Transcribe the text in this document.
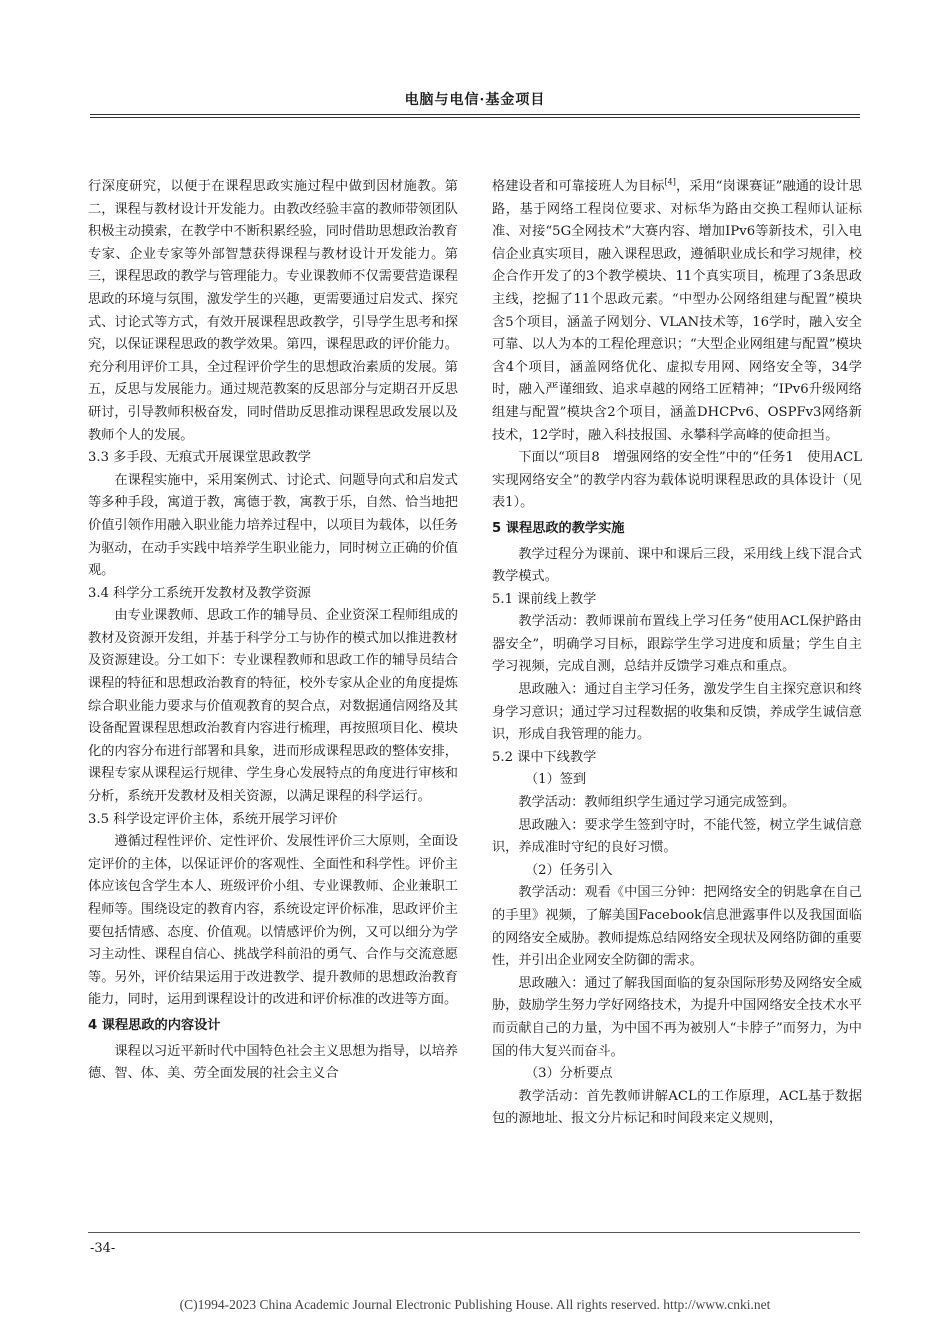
电脑与电信·基金项目

行深度研究，以便于在课程思政实施过程中做到因材施教。第二，课程与教材设计开发能力。由教改经验丰富的教师带领团队积极主动摸索，在教学中不断积累经验，同时借助思想政治教育专家、企业专家等外部智慧获得课程与教材设计开发能力。第三，课程思政的教学与管理能力。专业课教师不仅需要营造课程思政的环境与氛围，激发学生的兴趣，更需要通过启发式、探究式、讨论式等方式，有效开展课程思政教学，引导学生思考和探究，以保证课程思政的教学效果。第四，课程思政的评价能力。充分利用评价工具，全过程评价学生的思想政治素质的发展。第五，反思与发展能力。通过规范教案的反思部分与定期召开反思研讨，引导教师积极奋发，同时借助反思推动课程思政发展以及教师个人的发展。

3.3 多手段、无痕式开展课堂思政教学

在课程实施中，采用案例式、讨论式、问题导向式和启发式等多种手段，寓道于教，寓德于教，寓教于乐，自然、恰当地把价值引领作用融入职业能力培养过程中，以项目为载体，以任务为驱动，在动手实践中培养学生职业能力，同时树立正确的价值观。

3.4 科学分工系统开发教材及教学资源

由专业课教师、思政工作的辅导员、企业资深工程师组成的教材及资源开发组，并基于科学分工与协作的模式加以推进教材及资源建设。分工如下：专业课程教师和思政工作的辅导员结合课程的特征和思想政治教育的特征，校外专家从企业的角度提炼综合职业能力要求与价值观教育的契合点，对数据通信网络及其设备配置课程思想政治教育内容进行梳理，再按照项目化、模块化的内容分布进行部署和具象，进而形成课程思政的整体安排，课程专家从课程运行规律、学生身心发展特点的角度进行审核和分析，系统开发教材及相关资源，以满足课程的科学运行。

3.5 科学设定评价主体，系统开展学习评价

遵循过程性评价、定性评价、发展性评价三大原则，全面设定评价的主体，以保证评价的客观性、全面性和科学性。评价主体应该包含学生本人、班级评价小组、专业课教师、企业兼职工程师等。围绕设定的教育内容，系统设定评价标准，思政评价主要包括情感、态度、价值观。以情感评价为例，又可以细分为学习主动性、课程自信心、挑战学科前沿的勇气、合作与交流意愿等。另外，评价结果运用于改进教学、提升教师的思想政治教育能力，同时，运用到课程设计的改进和评价标准的改进等方面。

4 课程思政的内容设计

课程以习近平新时代中国特色社会主义思想为指导，以培养德、智、体、美、劳全面发展的社会主义合

格建设者和可靠接班人为目标[4]，采用“岗课赛证”融通的设计思路，基于网络工程岗位要求、对标华为路由交换工程师认证标准、对接“5G全网技术”大赛内容、增加IPv6等新技术，引入电信企业真实项目，融入课程思政，遵循职业成长和学习规律，校企合作开发了的3个教学模块、11个真实项目，梳理了3条思政主线，挖掘了11个思政元素。“中型办公网络组建与配置”模块含5个项目，涵盖子网划分、VLAN技术等，16学时，融入安全可靠、以人为本的工程伦理意识；“大型企业网组建与配置”模块含4个项目，涵盖网络优化、虚拟专用网、网络安全等，34学时，融入严谨细致、追求卓越的网络工匠精神；“IPv6升级网络组建与配置”模块含2个项目，涵盖DHCPv6、OSPFv3网络新技术，12学时，融入科技报国、永攀科学高峰的使命担当。

下面以“项目8　增强网络的安全性”中的“任务1　使用ACL实现网络安全”的教学内容为载体说明课程思政的具体设计（见表1）。

5 课程思政的教学实施

教学过程分为课前、课中和课后三段，采用线上线下混合式教学模式。

5.1 课前线上教学

教学活动：教师课前布置线上学习任务“使用ACL保护路由器安全”，明确学习目标，跟踪学生学习进度和质量；学生自主学习视频，完成自测，总结并反馈学习难点和重点。

思政融入：通过自主学习任务，激发学生自主探究意识和终身学习意识；通过学习过程数据的收集和反馈，养成学生诚信意识，形成自我管理的能力。

5.2 课中下线教学

（1）签到

教学活动：教师组织学生通过学习通完成签到。

思政融入：要求学生签到守时，不能代签，树立学生诚信意识，养成准时守纪的良好习惯。

（2）任务引入

教学活动：观看《中国三分钟：把网络安全的钥匙拿在自己的手里》视频，了解美国Facebook信息泄露事件以及我国面临的网络安全威胁。教师提炼总结网络安全现状及网络防御的重要性，并引出企业网安全防御的需求。

思政融入：通过了解我国面临的复杂国际形势及网络安全威胁，鼓励学生努力学好网络技术，为提升中国网络安全技术水平而贡献自己的力量，为中国不再为被别人“卡脖子”而努力，为中国的伟大复兴而奋斗。

（3）分析要点

教学活动：首先教师讲解ACL的工作原理，ACL基于数据包的源地址、报文分片标记和时间段来定义规则，

-34-
(C)1994-2023 China Academic Journal Electronic Publishing House. All rights reserved. http://www.cnki.net
